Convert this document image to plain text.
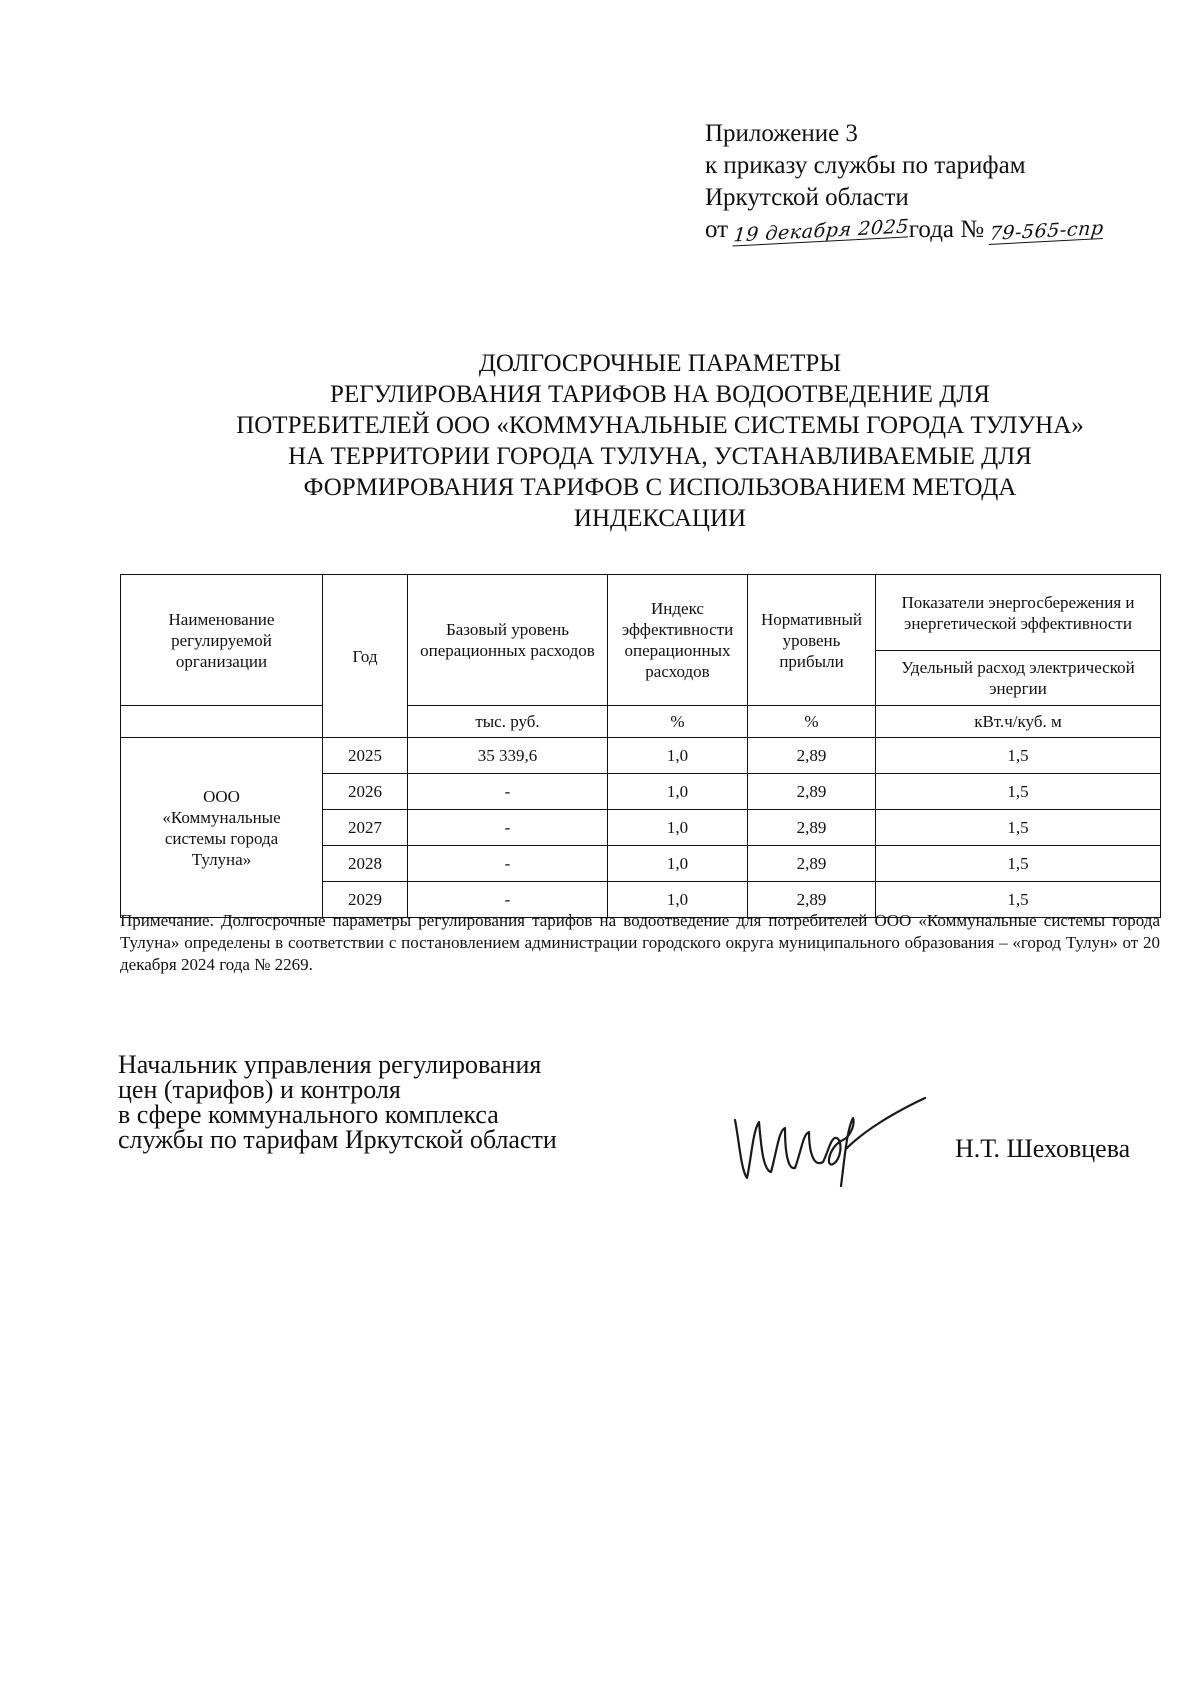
Приложение 3
к приказу службы по тарифам
Иркутской области
от 19 декабря 2025года № 79-565-спр
ДОЛГОСРОЧНЫЕ ПАРАМЕТРЫ
РЕГУЛИРОВАНИЯ ТАРИФОВ НА ВОДООТВЕДЕНИЕ ДЛЯ
ПОТРЕБИТЕЛЕЙ ООО «КОММУНАЛЬНЫЕ СИСТЕМЫ ГОРОДА ТУЛУНА»
НА ТЕРРИТОРИИ ГОРОДА ТУЛУНА, УСТАНАВЛИВАЕМЫЕ ДЛЯ
ФОРМИРОВАНИЯ ТАРИФОВ С ИСПОЛЬЗОВАНИЕМ МЕТОДА
ИНДЕКСАЦИИ
Наименование регулируемой организации	Год	Базовый уровень операционных расходов	Индекс эффективности операционных расходов	Нормативный уровень прибыли	Показатели энергосбережения и энергетической эффективности
					Удельный расход электрической энергии
		тыс. руб.	%	%	кВт.ч/куб. м
ООО «Коммунальные системы города Тулуна»	2025	35 339,6	1,0	2,89	1,5
	2026	-	1,0	2,89	1,5
	2027	-	1,0	2,89	1,5
	2028	-	1,0	2,89	1,5
	2029	-	1,0	2,89	1,5
Примечание. Долгосрочные параметры регулирования тарифов на водоотведение для потребителей ООО «Коммунальные системы города Тулуна» определены в соответствии с постановлением администрации городского округа муниципального образования – «город Тулун» от 20 декабря 2024 года № 2269.
Начальник управления регулирования
цен (тарифов) и контроля
в сфере коммунального комплекса
службы по тарифам Иркутской области	Н.Т. Шеховцева
